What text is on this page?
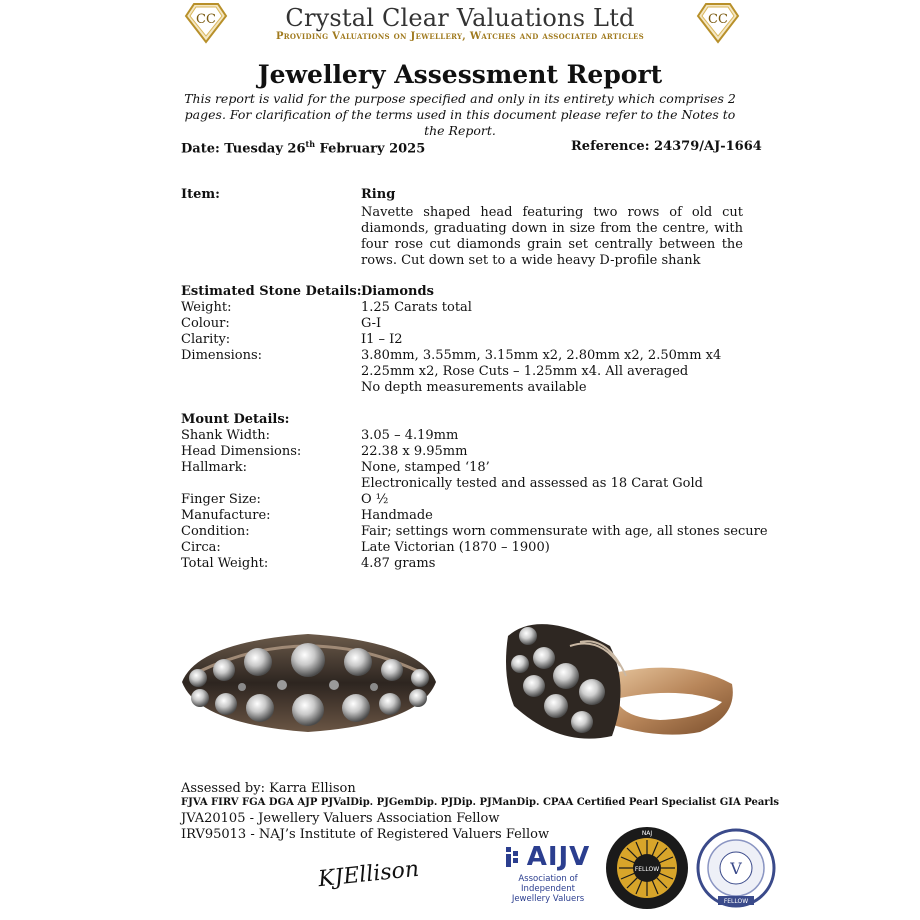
CC	CC
Crystal Clear Valuations Ltd
Providing Valuations on Jewellery, Watches and associated articles
Jewellery Assessment Report
This report is valid for the purpose specified and only in its entirety which comprises 2 pages. For clarification of the terms used in this document please refer to the Notes to the Report.
Date: Tuesday 26th February 2025	Reference: 24379/AJ-1664
Item:	Ring
Navette shaped head featuring two rows of old cut diamonds, graduating down in size from the centre, with four rose cut diamonds grain set centrally between the rows. Cut down set to a wide heavy D-profile shank
Estimated Stone Details: Diamonds
Weight:	1.25 Carats total
Colour:	G-I
Clarity:	I1 – I2
Dimensions:	3.80mm, 3.55mm, 3.15mm x2, 2.80mm x2, 2.50mm x4
2.25mm x2, Rose Cuts – 1.25mm x4. All averaged
No depth measurements available
Mount Details:
Shank Width:	3.05 – 4.19mm
Head Dimensions:	22.38 x 9.95mm
Hallmark:	None, stamped ‘18’
Electronically tested and assessed as 18 Carat Gold
Finger Size:	O ½
Manufacture:	Handmade
Condition:	Fair; settings worn commensurate with age, all stones secure
Circa:	Late Victorian (1870 – 1900)
Total Weight:	4.87 grams
Assessed by: Karra Ellison
FJVA FIRV FGA DGA AJP PJValDip. PJGemDip. PJDip. PJManDip. CPAA Certified Pearl Specialist GIA Pearls
JVA20105 - Jewellery Valuers Association Fellow
IRV95013 - NAJ’s Institute of Registered Valuers Fellow
KJEllison	AIJV
Association of
Independent
Jewellery Valuers
FELLOW
NAJ
V
FELLOW
